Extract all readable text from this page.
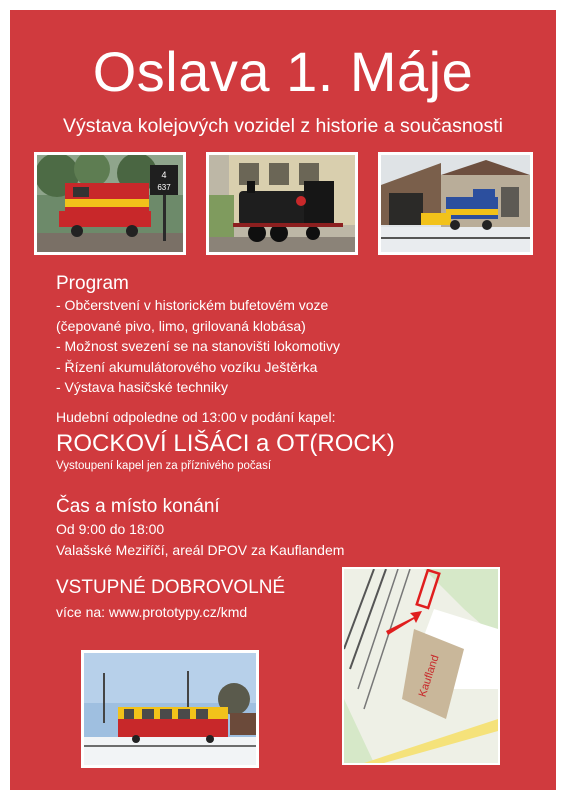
Oslava 1. Máje
Výstava kolejových vozidel z historie a současnosti
4
637
Program
- Občerstvení v historickém bufetovém voze
(čepované pivo, limo, grilovaná klobása)
- Možnost svezení se na stanovišti lokomotivy
- Řízení akumulátorového vozíku Ještěrka
- Výstava hasičské techniky
Hudební odpoledne od 13:00 v podání kapel:
ROCKOVÍ LIŠÁCI a OT(ROCK)
Vystoupení kapel jen za příznivého počasí
Čas a místo konání
Od 9:00 do 18:00
Valašské Meziříčí, areál DPOV za Kauflandem
VSTUPNÉ DOBROVOLNÉ
více na: www.prototypy.cz/kmd
Kaufland
